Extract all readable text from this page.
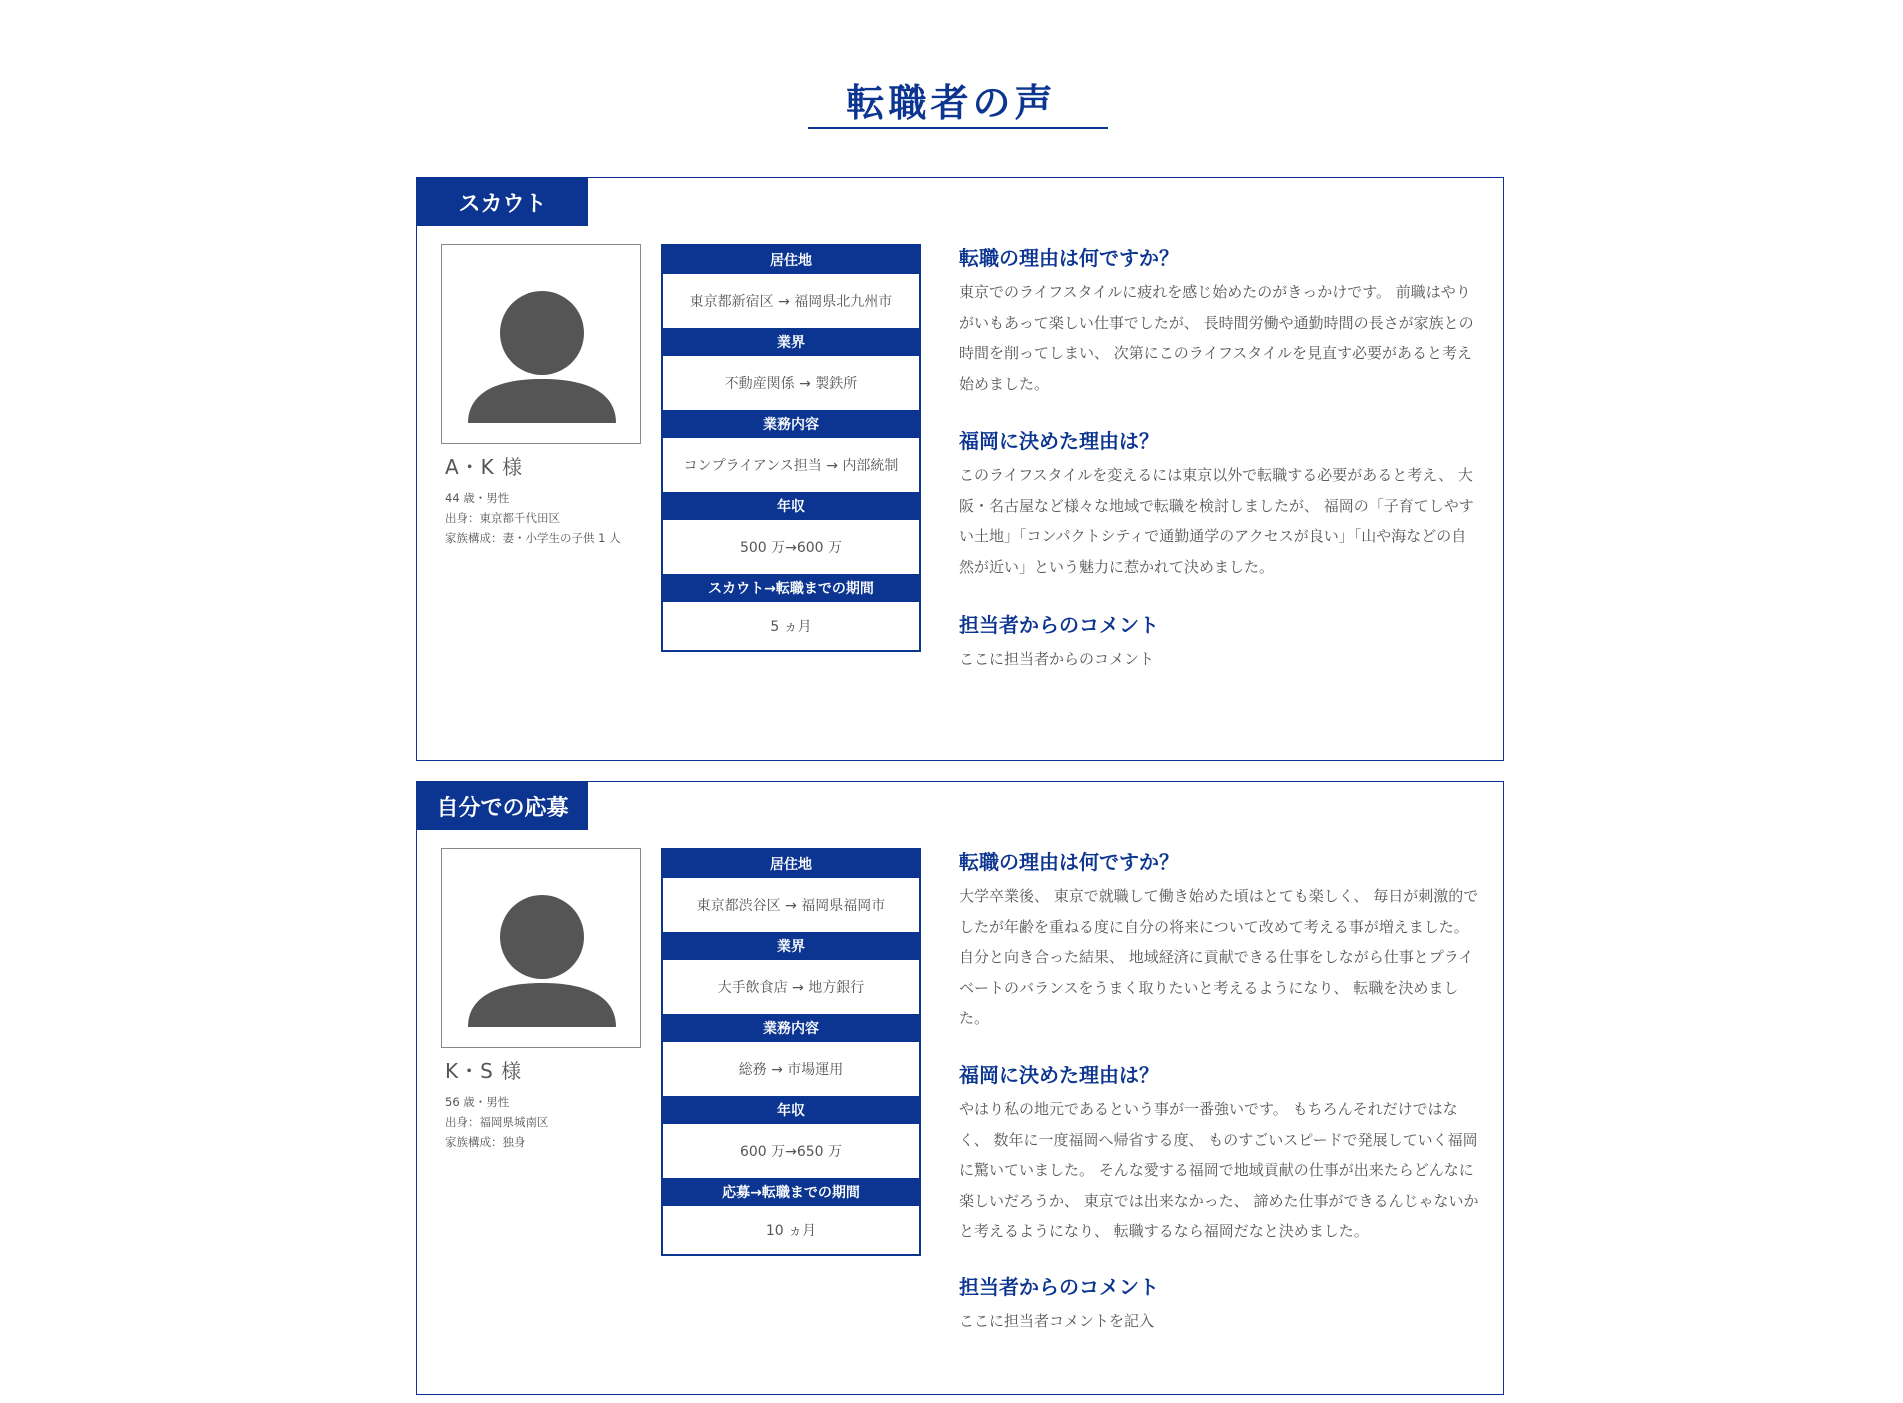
転職者の声
スカウト
A・K 様
44 歳・男性
出身：東京都千代田区
家族構成：妻・小学生の子供 1 人
居住地
東京都新宿区 → 福岡県北九州市
業界
不動産関係 → 製鉄所
業務内容
コンプライアンス担当 → 内部統制
年収
500 万→600 万
スカウト→転職までの期間
5 ヵ月
転職の理由は何ですか？

東京でのライフスタイルに疲れを感じ始めたのがきっかけです。 前職はやりがいもあって楽しい仕事でしたが、 長時間労働や通勤時間の長さが家族との時間を削ってしまい、 次第にこのライフスタイルを見直す必要があると考え始めました。

福岡に決めた理由は？

このライフスタイルを変えるには東京以外で転職する必要があると考え、 大阪・名古屋など様々な地域で転職を検討しましたが、 福岡の「子育てしやすい土地」「コンパクトシティで通勤通学のアクセスが良い」「山や海などの自然が近い」という魅力に惹かれて決めました。

担当者からのコメント

ここに担当者からのコメント

自分での応募
K・S 様
56 歳・男性
出身：福岡県城南区
家族構成：独身
居住地
東京都渋谷区 → 福岡県福岡市
業界
大手飲食店 → 地方銀行
業務内容
総務 → 市場運用
年収
600 万→650 万
応募→転職までの期間
10 ヵ月
転職の理由は何ですか？

大学卒業後、 東京で就職して働き始めた頃はとても楽しく、 毎日が刺激的でしたが年齢を重ねる度に自分の将来について改めて考える事が増えました。 自分と向き合った結果、 地域経済に貢献できる仕事をしながら仕事とプライベートのバランスをうまく取りたいと考えるようになり、 転職を決めました。

福岡に決めた理由は？

やはり私の地元であるという事が一番強いです。 もちろんそれだけではなく、 数年に一度福岡へ帰省する度、 ものすごいスピードで発展していく福岡に驚いていました。 そんな愛する福岡で地域貢献の仕事が出来たらどんなに楽しいだろうか、 東京では出来なかった、 諦めた仕事ができるんじゃないかと考えるようになり、 転職するなら福岡だなと決めました。

担当者からのコメント

ここに担当者コメントを記入
